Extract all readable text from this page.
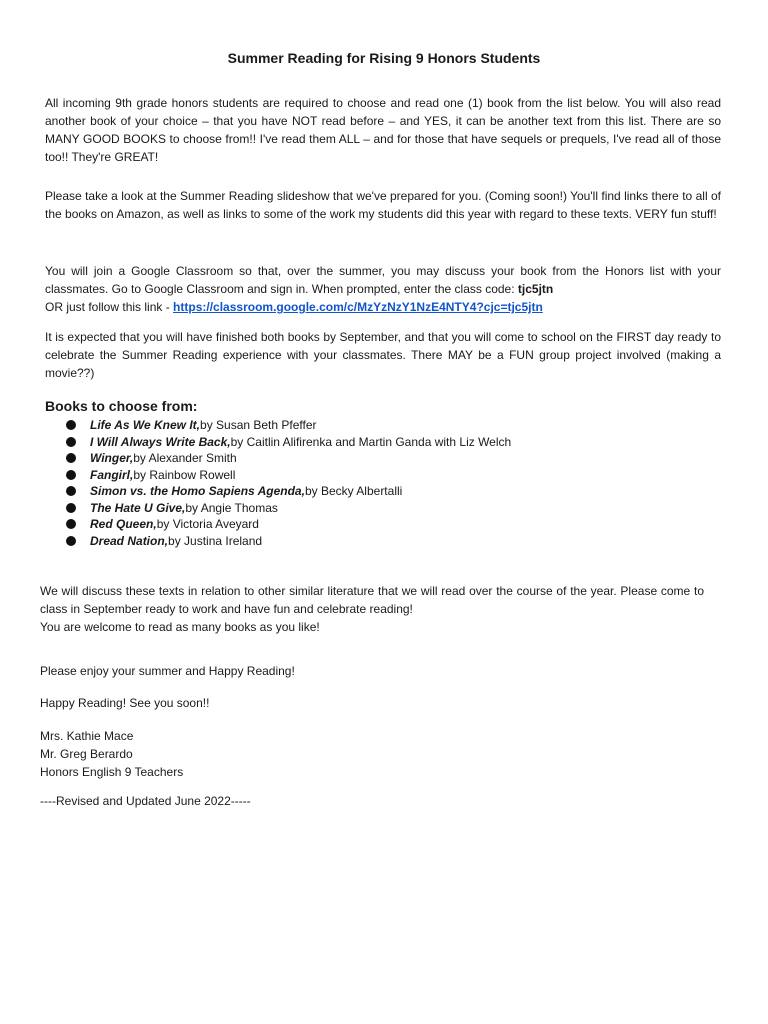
Summer Reading for Rising 9 Honors Students

All incoming 9th grade honors students are required to choose and read one (1) book from the list below. You will also read another book of your choice – that you have NOT read before – and YES, it can be another text from this list. There are so MANY GOOD BOOKS to choose from!! I've read them ALL – and for those that have sequels or prequels, I've read all of those too!! They're GREAT!

Please take a look at the Summer Reading slideshow that we've prepared for you. (Coming soon!) You'll find links there to all of the books on Amazon, as well as links to some of the work my students did this year with regard to these texts. VERY fun stuff!

You will join a Google Classroom so that, over the summer, you may discuss your book from the Honors list with your classmates. Go to Google Classroom and sign in. When prompted, enter the class code: tjc5jtn
OR just follow this link - https://classroom.google.com/c/MzYzNzY1NzE4NTY4?cjc=tjc5jtn

It is expected that you will have finished both books by September, and that you will come to school on the FIRST day ready to celebrate the Summer Reading experience with your classmates. There MAY be a FUN group project involved (making a movie??)

Books to choose from:
Life As We Knew It, by Susan Beth Pfeffer
I Will Always Write Back, by Caitlin Alifirenka and Martin Ganda with Liz Welch
Winger, by Alexander Smith
Fangirl, by Rainbow Rowell
Simon vs. the Homo Sapiens Agenda, by Becky Albertalli
The Hate U Give, by Angie Thomas
Red Queen, by Victoria Aveyard
Dread Nation, by Justina Ireland
We will discuss these texts in relation to other similar literature that we will read over the course of the year. Please come to class in September ready to work and have fun and celebrate reading!
You are welcome to read as many books as you like!

Please enjoy your summer and Happy Reading!

Happy Reading! See you soon!!

Mrs. Kathie Mace
Mr. Greg Berardo
Honors English 9 Teachers

----Revised and Updated June 2022-----
